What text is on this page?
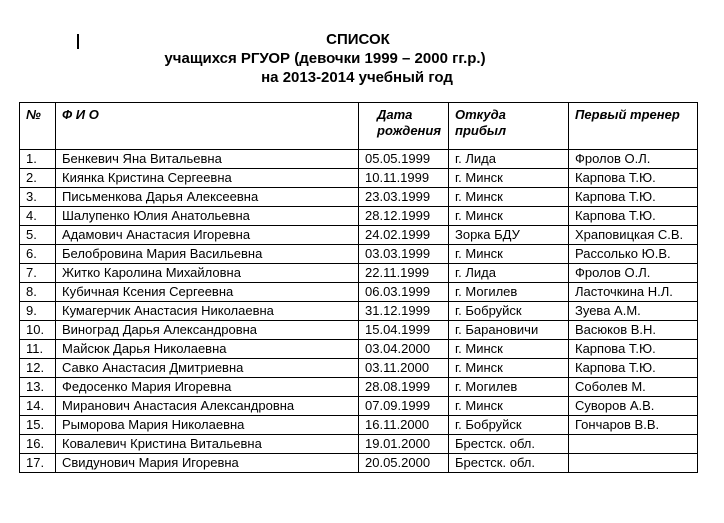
СПИСОК
учащихся РГУОР (девочки 1999 – 2000 гг.р.)
на 2013-2014 учебный год
№	Ф И О	Дата рождения	Откуда прибыл	Первый тренер
1.	Бенкевич Яна Витальевна	05.05.1999	г. Лида	Фролов О.Л.
2.	Киянка Кристина Сергеевна	10.11.1999	г. Минск	Карпова Т.Ю.
3.	Письменкова Дарья Алексеевна	23.03.1999	г. Минск	Карпова Т.Ю.
4.	Шалупенко Юлия Анатольевна	28.12.1999	г. Минск	Карпова Т.Ю.
5.	Адамович Анастасия Игоревна	24.02.1999	Зорка БДУ	Храповицкая С.В.
6.	Белобровина Мария Васильевна	03.03.1999	г. Минск	Рассолько Ю.В.
7.	Житко Каролина Михайловна	22.11.1999	г. Лида	Фролов О.Л.
8.	Кубичная Ксения Сергеевна	06.03.1999	г. Могилев	Ласточкина Н.Л.
9.	Кумагерчик Анастасия Николаевна	31.12.1999	г. Бобруйск	Зуева А.М.
10.	Виноград Дарья Александровна	15.04.1999	г. Барановичи	Васюков В.Н.
11.	Майсюк Дарья Николаевна	03.04.2000	г. Минск	Карпова Т.Ю.
12.	Савко Анастасия Дмитриевна	03.11.2000	г. Минск	Карпова Т.Ю.
13.	Федосенко Мария Игоревна	28.08.1999	г. Могилев	Соболев М.
14.	Миранович Анастасия Александровна	07.09.1999	г. Минск	Суворов А.В.
15.	Рыморова Мария Николаевна	16.11.2000	г. Бобруйск	Гончаров В.В.
16.	Ковалевич Кристина Витальевна	19.01.2000	Брестск. обл.	
17.	Свидунович Мария Игоревна	20.05.2000	Брестск. обл.	
